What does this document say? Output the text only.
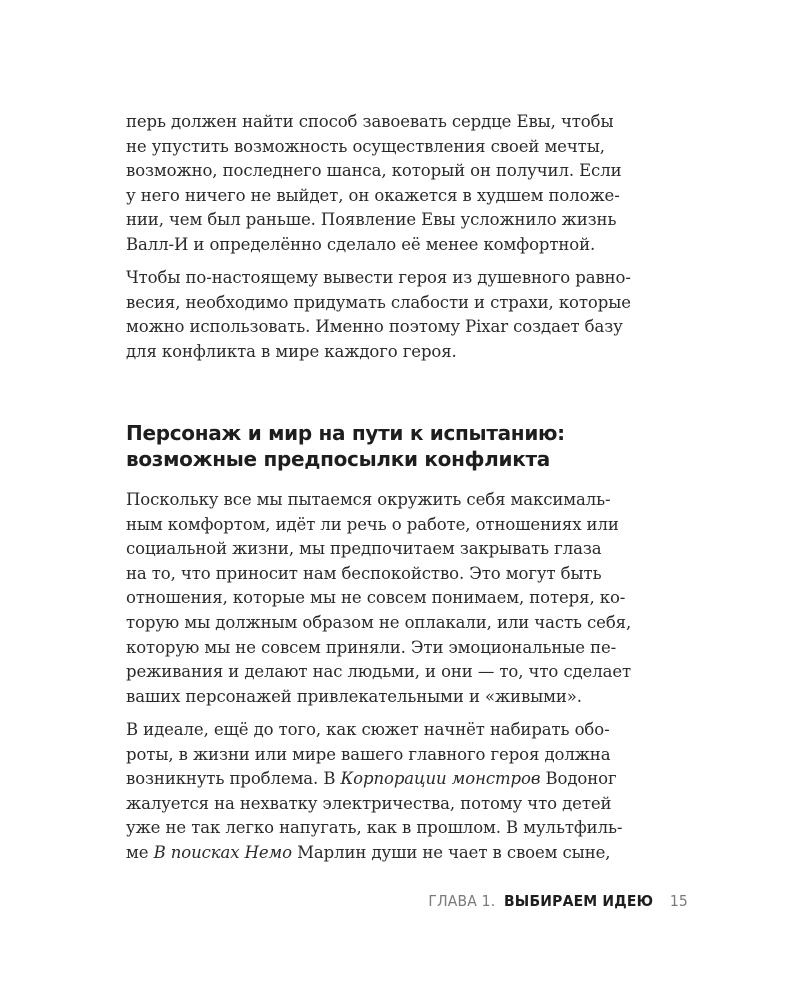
перь должен найти способ завоевать сердце Евы, чтобы

не упустить возможность осуществления своей мечты,

возможно, последнего шанса, который он получил. Если

у него ничего не выйдет, он окажется в худшем положе-

нии, чем был раньше. Появление Евы усложнило жизнь

Валл-И и определённо сделало её менее комфортной.

Чтобы по-настоящему вывести героя из душевного равно-

весия, необходимо придумать слабости и страхи, которые

можно использовать. Именно поэтому Pixar создает базу

для конфликта в мире каждого героя.

Персонаж и мир на пути к испытанию:

возможные предпосылки конфликта

Поскольку все мы пытаемся окружить себя максималь-

ным комфортом, идёт ли речь о работе, отношениях или

социальной жизни, мы предпочитаем закрывать глаза

на то, что приносит нам беспокойство. Это могут быть

отношения, которые мы не совсем понимаем, потеря, ко-

торую мы должным образом не оплакали, или часть себя,

которую мы не совсем приняли. Эти эмоциональные пе-

реживания и делают нас людьми, и они — то, что сделает

ваших персонажей привлекательными и «живыми».

В идеале, ещё до того, как сюжет начнёт набирать обо-

роты, в жизни или мире вашего главного героя должна

возникнуть проблема. В Корпорации монстров Водоног

жалуется на нехватку электричества, потому что детей

уже не так легко напугать, как в прошлом. В мультфиль-

ме В поисках Немо Марлин души не чает в своем сыне,

ГЛАВА 1. ВЫБИРАЕМ ИДЕЮ 15
